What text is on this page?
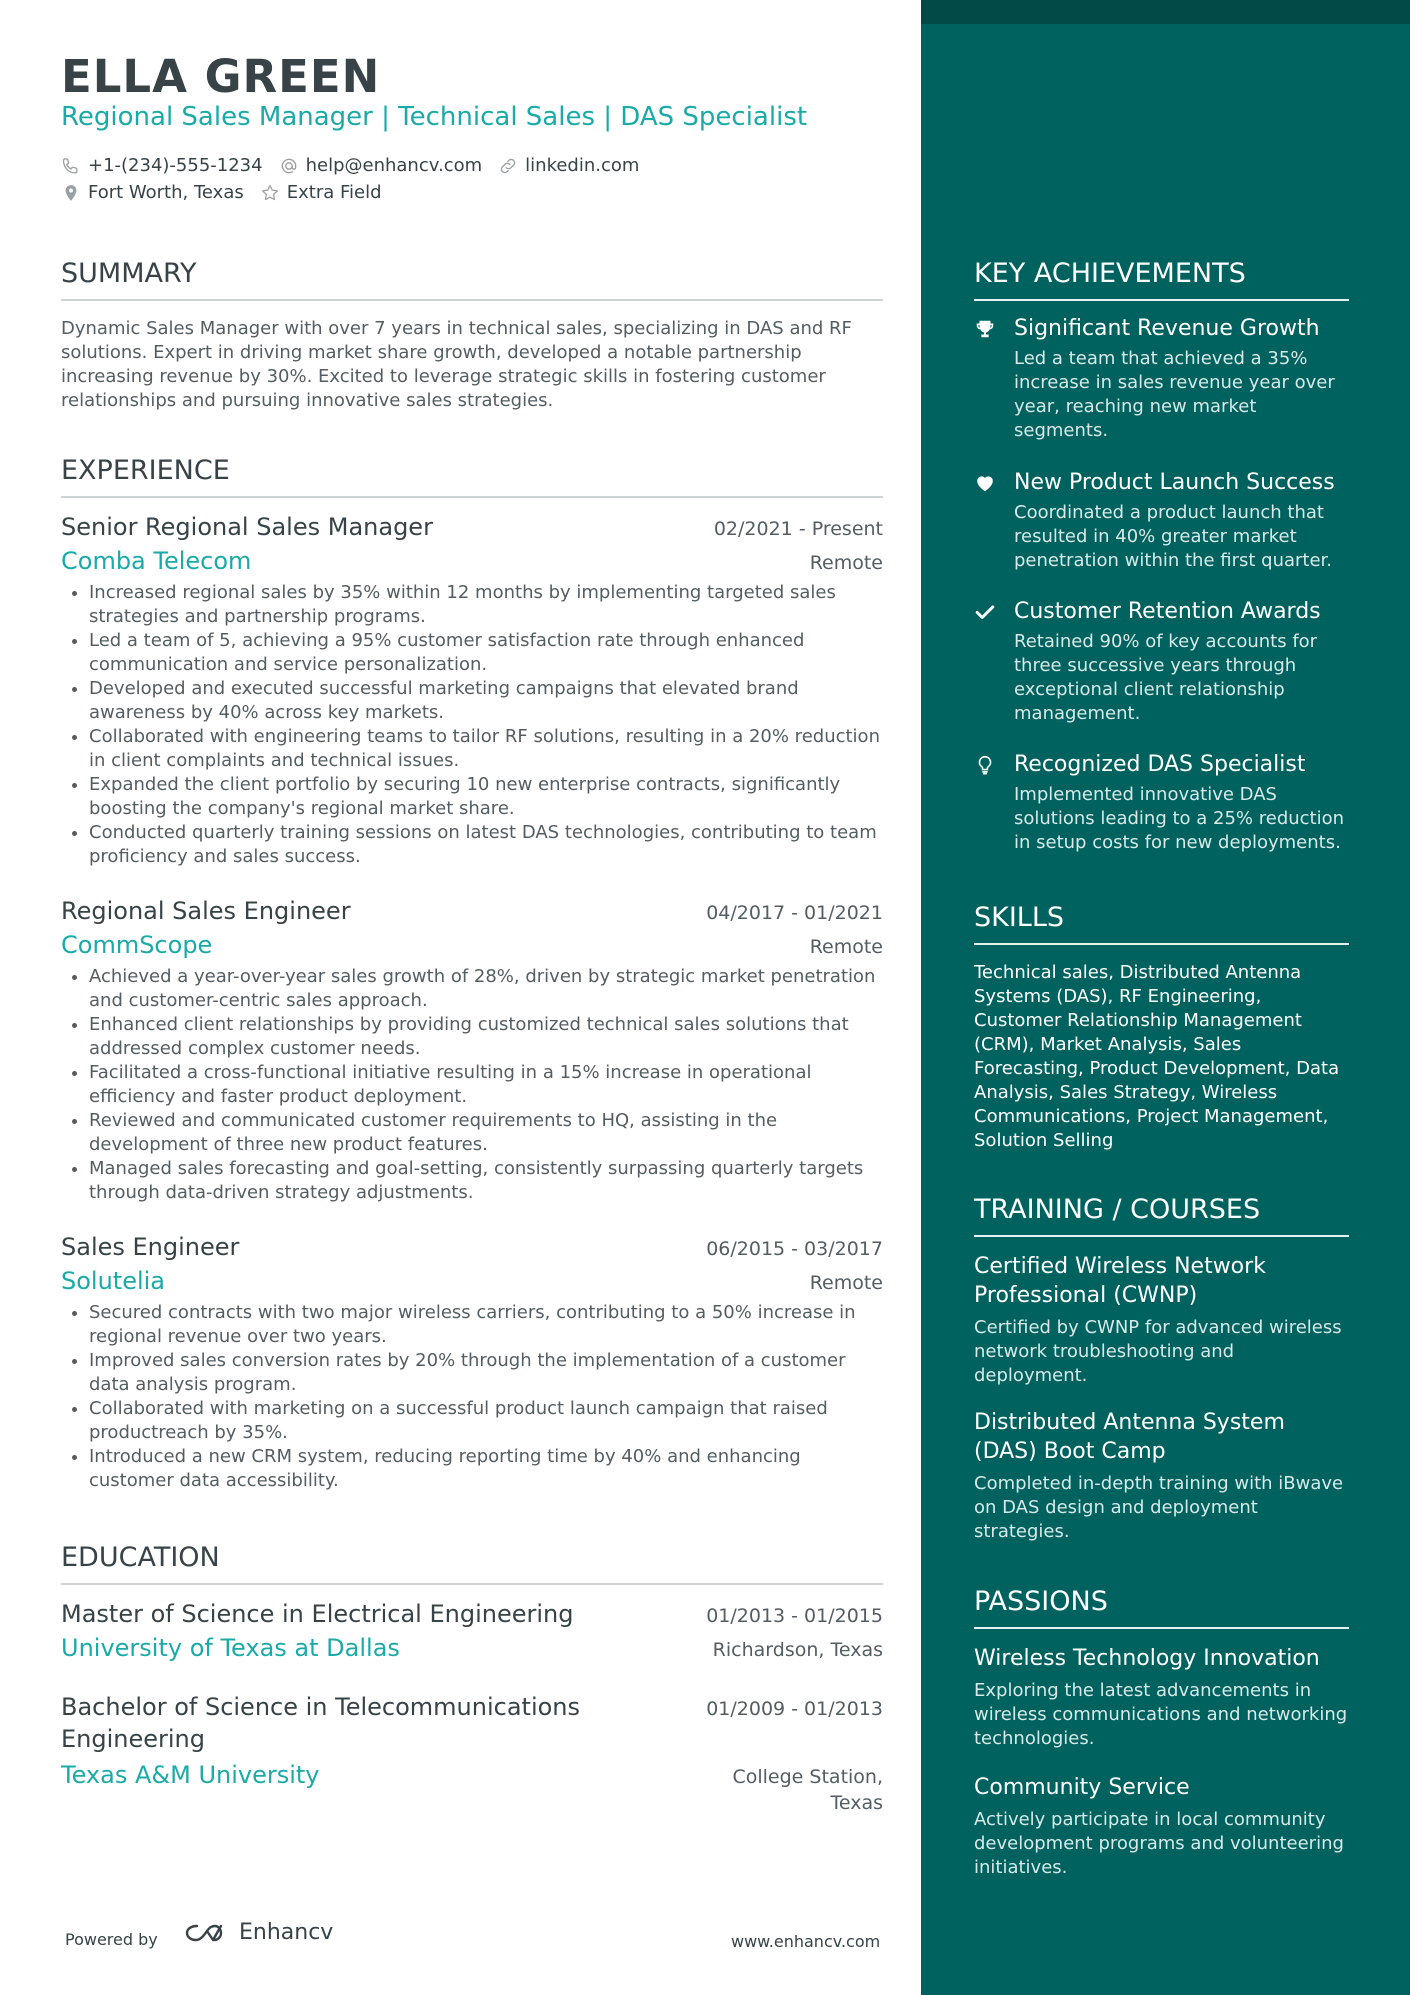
ELLA GREEN
Regional Sales Manager | Technical Sales | DAS Specialist
+1-(234)-555-1234 help@enhancv.com linkedin.com
Fort Worth, Texas Extra Field
SUMMARY

Dynamic Sales Manager with over 7 years in technical sales, specializing in DAS and RF solutions. Expert in driving market share growth, developed a notable partnership increasing revenue by 30%. Excited to leverage strategic skills in fostering customer relationships and pursuing innovative sales strategies.

EXPERIENCE
Senior Regional Sales Manager	02/2021 - Present
Comba Telecom	Remote
• Increased regional sales by 35% within 12 months by implementing targeted sales strategies and partnership programs.
• Led a team of 5, achieving a 95% customer satisfaction rate through enhanced communication and service personalization.
• Developed and executed successful marketing campaigns that elevated brand awareness by 40% across key markets.
• Collaborated with engineering teams to tailor RF solutions, resulting in a 20% reduction in client complaints and technical issues.
• Expanded the client portfolio by securing 10 new enterprise contracts, significantly boosting the company's regional market share.
• Conducted quarterly training sessions on latest DAS technologies, contributing to team proficiency and sales success.
Regional Sales Engineer	04/2017 - 01/2021
CommScope	Remote
• Achieved a year-over-year sales growth of 28%, driven by strategic market penetration and customer-centric sales approach.
• Enhanced client relationships by providing customized technical sales solutions that addressed complex customer needs.
• Facilitated a cross-functional initiative resulting in a 15% increase in operational efficiency and faster product deployment.
• Reviewed and communicated customer requirements to HQ, assisting in the development of three new product features.
• Managed sales forecasting and goal-setting, consistently surpassing quarterly targets through data-driven strategy adjustments.
Sales Engineer	06/2015 - 03/2017
Solutelia	Remote
• Secured contracts with two major wireless carriers, contributing to a 50% increase in regional revenue over two years.
• Improved sales conversion rates by 20% through the implementation of a customer data analysis program.
• Collaborated with marketing on a successful product launch campaign that raised productreach by 35%.
• Introduced a new CRM system, reducing reporting time by 40% and enhancing customer data accessibility.
EDUCATION
Master of Science in Electrical Engineering	01/2013 - 01/2015
University of Texas at Dallas	Richardson, Texas
Bachelor of Science in Telecommunications Engineering
01/2009 - 01/2013
Texas A&M University	College Station, Texas
KEY ACHIEVEMENTS
Significant Revenue Growth
Led a team that achieved a 35% increase in sales revenue year over year, reaching new market segments.
New Product Launch Success
Coordinated a product launch that resulted in 40% greater market penetration within the first quarter.
Customer Retention Awards
Retained 90% of key accounts for three successive years through exceptional client relationship management.
Recognized DAS Specialist
Implemented innovative DAS solutions leading to a 25% reduction in setup costs for new deployments.
SKILLS

Technical sales, Distributed Antenna Systems (DAS), RF Engineering, Customer Relationship Management (CRM), Market Analysis, Sales Forecasting, Product Development, Data Analysis, Sales Strategy, Wireless Communications, Project Management, Solution Selling

TRAINING / COURSES
Certified Wireless Network Professional (CWNP)
Certified by CWNP for advanced wireless network troubleshooting and deployment.
Distributed Antenna System (DAS) Boot Camp
Completed in-depth training with iBwave on DAS design and deployment strategies.
PASSIONS
Wireless Technology Innovation
Exploring the latest advancements in wireless communications and networking technologies.
Community Service
Actively participate in local community development programs and volunteering initiatives.
Powered by	Enhancv	www.enhancv.com
